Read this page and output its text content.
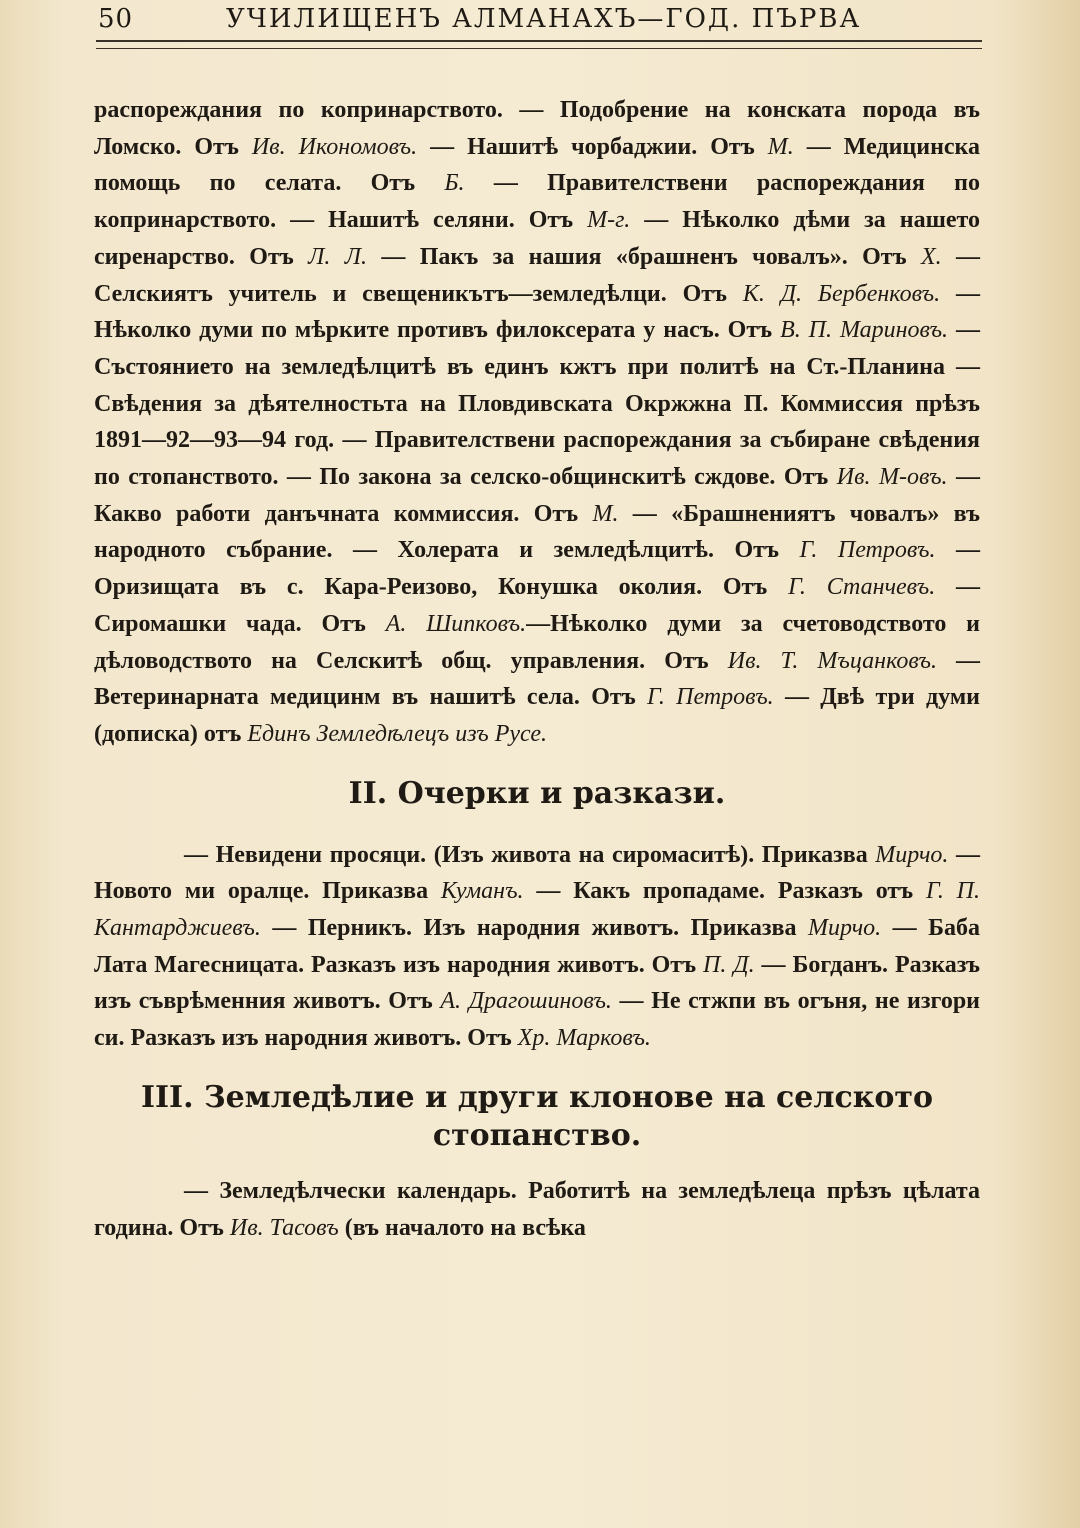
50	УЧИЛИЩЕНЪ АЛМАНАХЪ—ГОД. ПЪРВА

распореждания по копринарството. — Подобрение на конската порода въ Ломско. Отъ Ив. Икономовъ. — Нашитѣ чорбаджии. Отъ М. — Медицинска помощь по селата. Отъ Б. — Правителствени распореждания по копринарството. — Нашитѣ селяни. Отъ М-г. — Нѣколко дѣми за нашето сиренарство. Отъ Л. Л. — Пакъ за нашия «брашненъ човалъ». Отъ Х. —Селскиятъ учитель и свещеникътъ—земледѣлци. Отъ К. Д. Бербенковъ. — Нѣколко думи по мѣрките противъ филоксерата у насъ. Отъ В. П. Мариновъ. — Състоянието на земледѣлцитѣ въ единъ кжтъ при политѣ на Ст.-Планина — Свѣдения за дѣятелностьта на Пловдивската Окржжна П. Коммиссия прѣзъ 1891—92—93—94 год. — Правителствени распореждания за събиране свѣдения по стопанството. — По закона за селско-общинскитѣ сждове. Отъ Ив. М-овъ. — Какво работи данъчната коммиссия. Отъ М. — «Брашнениятъ човалъ» въ народното събрание. — Холерата и земледѣлцитѣ. Отъ Г. Петровъ. — Оризищата въ с. Кара-Реизово, Конушка околия. Отъ Г. Станчевъ. — Сиромашки чада. Отъ А. Шипковъ.—Нѣколко думи за счетоводството и дѣловодството на Селскитѣ общ. управления. Отъ Ив. Т. Мъцанковъ. — Ветеринарната медицинм въ нашитѣ села. Отъ Г. Петровъ. — Двѣ три думи (дописка) отъ Единъ Земледѣлецъ изъ Русе.

II. Очерки и разкази.

— Невидени просяци. (Изъ живота на сиромаситѣ). Приказва Мирчо. — Новото ми оралце. Приказва Куманъ. — Какъ пропадаме. Разказъ отъ Г. П. Кантарджиевъ. — Перникъ. Изъ народния животъ. Приказва Мирчо. — Баба Лата Магесницата. Разказъ изъ народния животъ. Отъ П. Д. — Богданъ. Разказъ изъ съврѣменния животъ. Отъ А. Драгошиновъ. — Не стжпи въ огъня, не изгори си. Разказъ изъ народния животъ. Отъ Хр. Марковъ.

III. Земледѣлие и други клонове на селското стопанство.

— Земледѣлчески календарь. Работитѣ на земледѣлеца прѣзъ цѣлата година. Отъ Ив. Тасовъ (въ началото на всѣка
